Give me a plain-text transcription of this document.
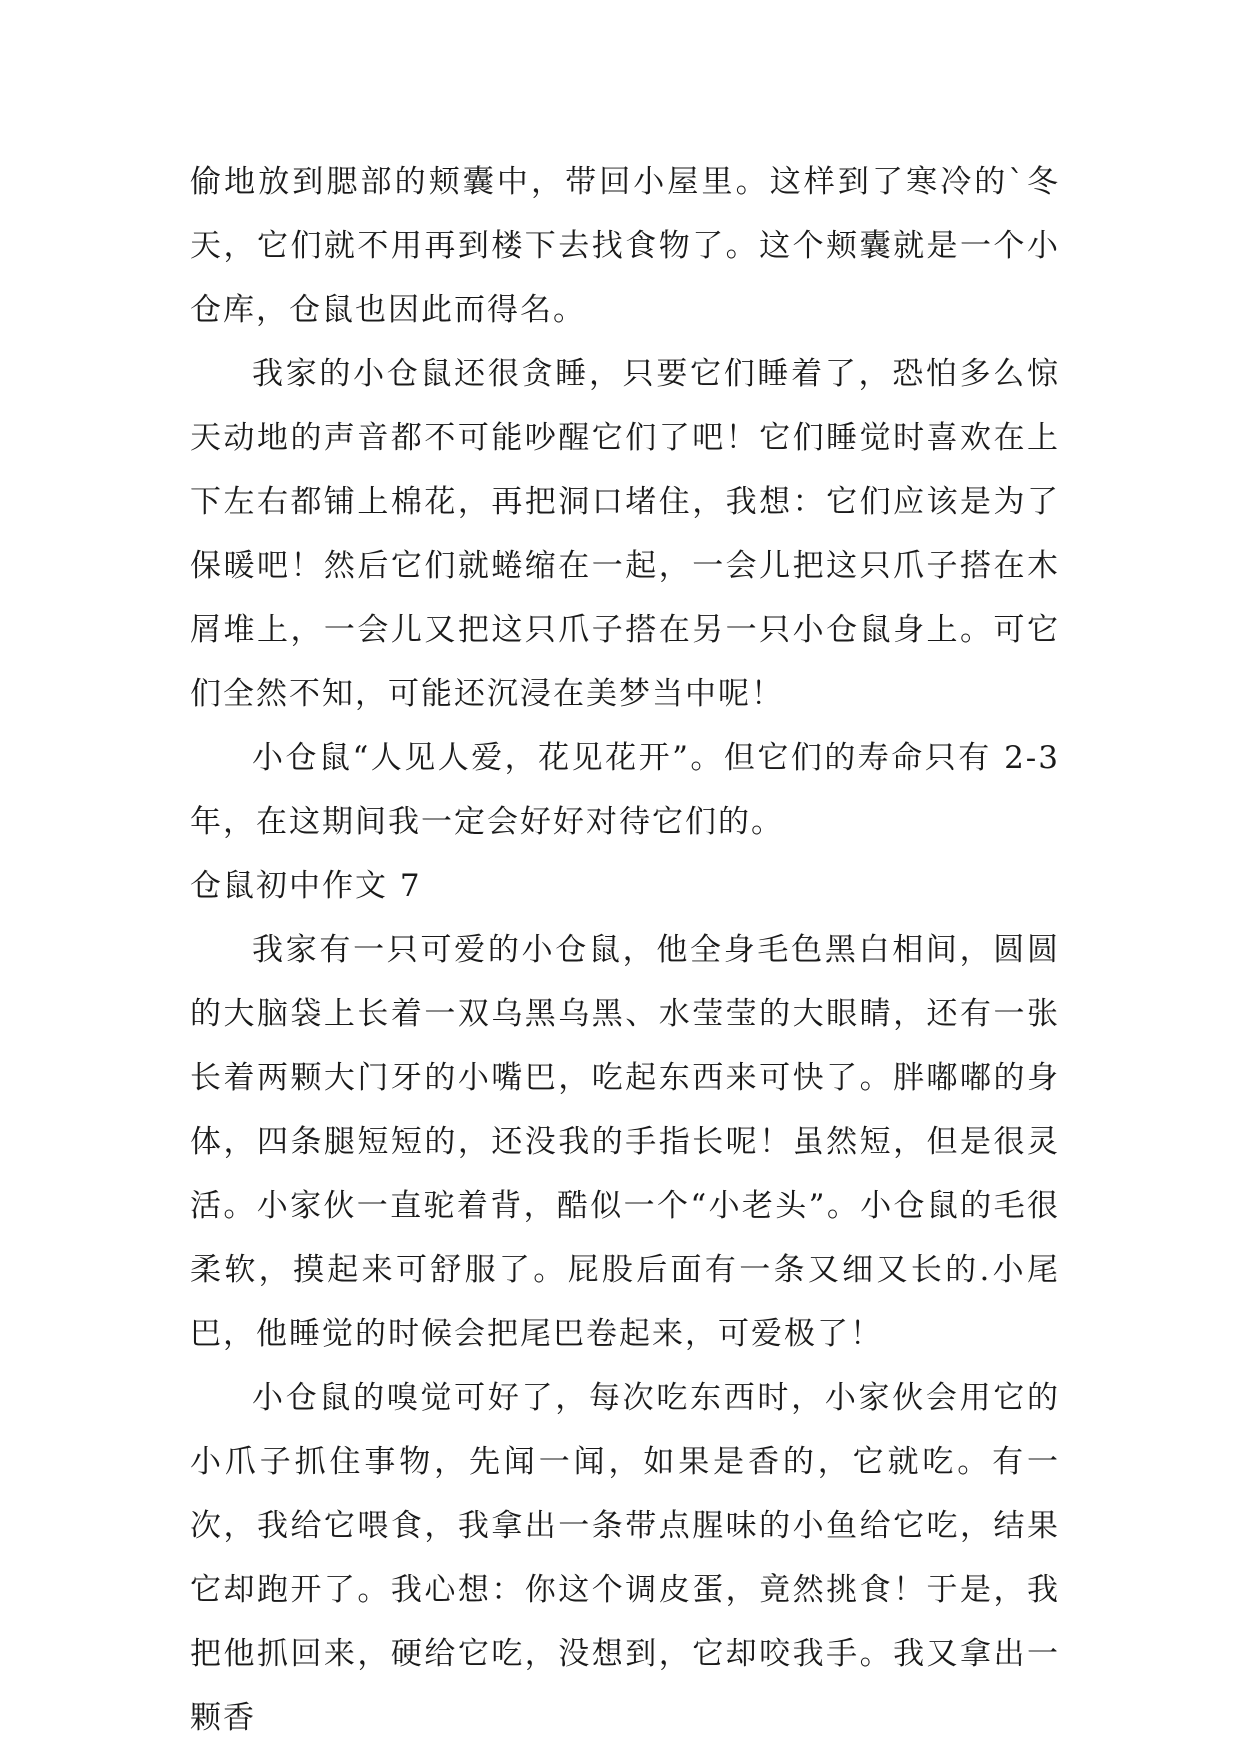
偷地放到腮部的颊囊中，带回小屋里。这样到了寒冷的`冬天，它们就不用再到楼下去找食物了。这个颊囊就是一个小仓库，仓鼠也因此而得名。

我家的小仓鼠还很贪睡，只要它们睡着了，恐怕多么惊天动地的声音都不可能吵醒它们了吧！它们睡觉时喜欢在上下左右都铺上棉花，再把洞口堵住，我想：它们应该是为了保暖吧！然后它们就蜷缩在一起，一会儿把这只爪子搭在木屑堆上，一会儿又把这只爪子搭在另一只小仓鼠身上。可它们全然不知，可能还沉浸在美梦当中呢！

小仓鼠“人见人爱，花见花开”。但它们的寿命只有 2-3年，在这期间我一定会好好对待它们的。

仓鼠初中作文 7

我家有一只可爱的小仓鼠，他全身毛色黑白相间，圆圆的大脑袋上长着一双乌黑乌黑、水莹莹的大眼睛，还有一张长着两颗大门牙的小嘴巴，吃起东西来可快了。胖嘟嘟的身体，四条腿短短的，还没我的手指长呢！虽然短，但是很灵活。小家伙一直驼着背，酷似一个“小老头”。小仓鼠的毛很柔软，摸起来可舒服了。屁股后面有一条又细又长的.小尾巴，他睡觉的时候会把尾巴卷起来，可爱极了！

小仓鼠的嗅觉可好了，每次吃东西时，小家伙会用它的小爪子抓住事物，先闻一闻，如果是香的，它就吃。有一次，我给它喂食，我拿出一条带点腥味的小鱼给它吃，结果它却跑开了。我心想：你这个调皮蛋，竟然挑食！于是，我把他抓回来，硬给它吃，没想到，它却咬我手。我又拿出一颗香
